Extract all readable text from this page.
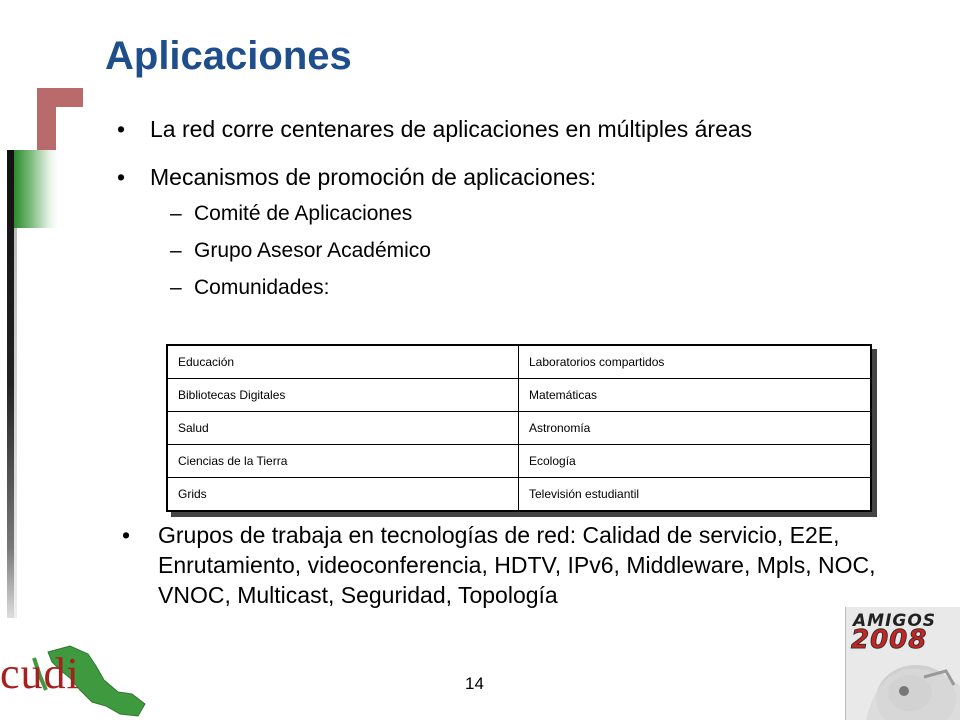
Aplicaciones
• La red corre centenares de aplicaciones en múltiples áreas
• Mecanismos de promoción de aplicaciones:
– Comité de Aplicaciones
– Grupo Asesor Académico
– Comunidades:
Educación	Laboratorios compartidos
Bibliotecas Digitales	Matemáticas
Salud	Astronomía
Ciencias de la Tierra	Ecología
Grids	Televisión estudiantil
• Grupos de trabaja en tecnologías de red: Calidad de servicio, E2E, Enrutamiento, videoconferencia, HDTV, IPv6, Middleware, Mpls, NOC, VNOC, Multicast, Seguridad, Topología
14
cudi
AMIGOS
2008
